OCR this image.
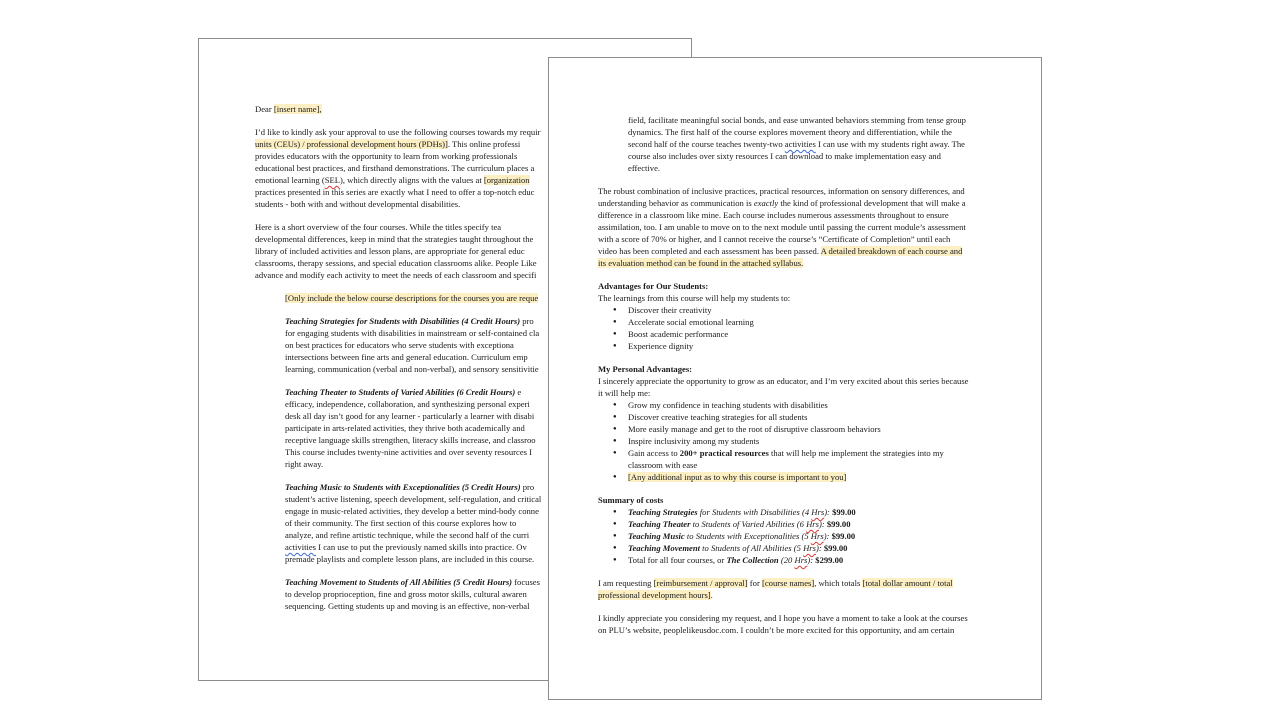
Dear [insert name],

I’d like to kindly ask your approval to use the following courses towards my requir
units (CEUs) / professional development hours (PDHs)]. This online professi
provides educators with the opportunity to learn from working professionals
educational best practices, and firsthand demonstrations. The curriculum places a
emotional learning (SEL), which directly aligns with the values at [organization
practices presented in this series are exactly what I need to offer a top-notch educ
students - both with and without developmental disabilities.

Here is a short overview of the four courses. While the titles specify tea
developmental differences, keep in mind that the strategies taught throughout the
library of included activities and lesson plans, are appropriate for general educ
classrooms, therapy sessions, and special education classrooms alike. People Like
advance and modify each activity to meet the needs of each classroom and specifi

[Only include the below course descriptions for the courses you are reque

Teaching Strategies for Students with Disabilities (4 Credit Hours) pro
for engaging students with disabilities in mainstream or self-contained cla
on best practices for educators who serve students with exceptiona
intersections between fine arts and general education. Curriculum emp
learning, communication (verbal and non-verbal), and sensory sensitivitie

Teaching Theater to Students of Varied Abilities (6 Credit Hours) e
efficacy, independence, collaboration, and synthesizing personal experi
desk all day isn’t good for any learner - particularly a learner with disabi
participate in arts-related activities, they thrive both academically and
receptive language skills strengthen, literacy skills increase, and classroo
This course includes twenty-nine activities and over seventy resources I
right away.

Teaching Music to Students with Exceptionalities (5 Credit Hours) pro
student’s active listening, speech development, self-regulation, and critical
engage in music-related activities, they develop a better mind-body conne
of their community. The first section of this course explores how to
analyze, and refine artistic technique, while the second half of the curri
activities I can use to put the previously named skills into practice. Ov
premade playlists and complete lesson plans, are included in this course.

Teaching Movement to Students of All Abilities (5 Credit Hours) focuses
to develop proprioception, fine and gross motor skills, cultural awaren
sequencing. Getting students up and moving is an effective, non-verbal

field, facilitate meaningful social bonds, and ease unwanted behaviors stemming from tense group
dynamics. The first half of the course explores movement theory and differentiation, while the
second half of the course teaches twenty-two activities I can use with my students right away. The
course also includes over sixty resources I can download to make implementation easy and
effective.

The robust combination of inclusive practices, practical resources, information on sensory differences, and
understanding behavior as communication is exactly the kind of professional development that will make a
difference in a classroom like mine. Each course includes numerous assessments throughout to ensure
assimilation, too. I am unable to move on to the next module until passing the current module’s assessment
with a score of 70% or higher, and I cannot receive the course’s “Certificate of Completion” until each
video has been completed and each assessment has been passed. A detailed breakdown of each course and
its evaluation method can be found in the attached syllabus.

Advantages for Our Students:

The learnings from this course will help my students to:

● Discover their creativity
● Accelerate social emotional learning
● Boost academic performance
● Experience dignity
My Personal Advantages:

I sincerely appreciate the opportunity to grow as an educator, and I’m very excited about this series because
it will help me:

● Grow my confidence in teaching students with disabilities
● Discover creative teaching strategies for all students
● More easily manage and get to the root of disruptive classroom behaviors
● Inspire inclusivity among my students
● Gain access to 200+ practical resources that will help me implement the strategies into my
classroom with ease
● [Any additional input as to why this course is important to you]
Summary of costs
● Teaching Strategies for Students with Disabilities (4 Hrs): $99.00
● Teaching Theater to Students of Varied Abilities (6 Hrs): $99.00
● Teaching Music to Students with Exceptionalities (5 Hrs): $99.00
● Teaching Movement to Students of All Abilities (5 Hrs): $99.00
● Total for all four courses, or The Collection (20 Hrs): $299.00

I am requesting [reimbursement / approval] for [course names], which totals [total dollar amount / total
professional development hours].

I kindly appreciate you considering my request, and I hope you have a moment to take a look at the courses
on PLU’s website, peoplelikeusdoc.com. I couldn’t be more excited for this opportunity, and am certain
